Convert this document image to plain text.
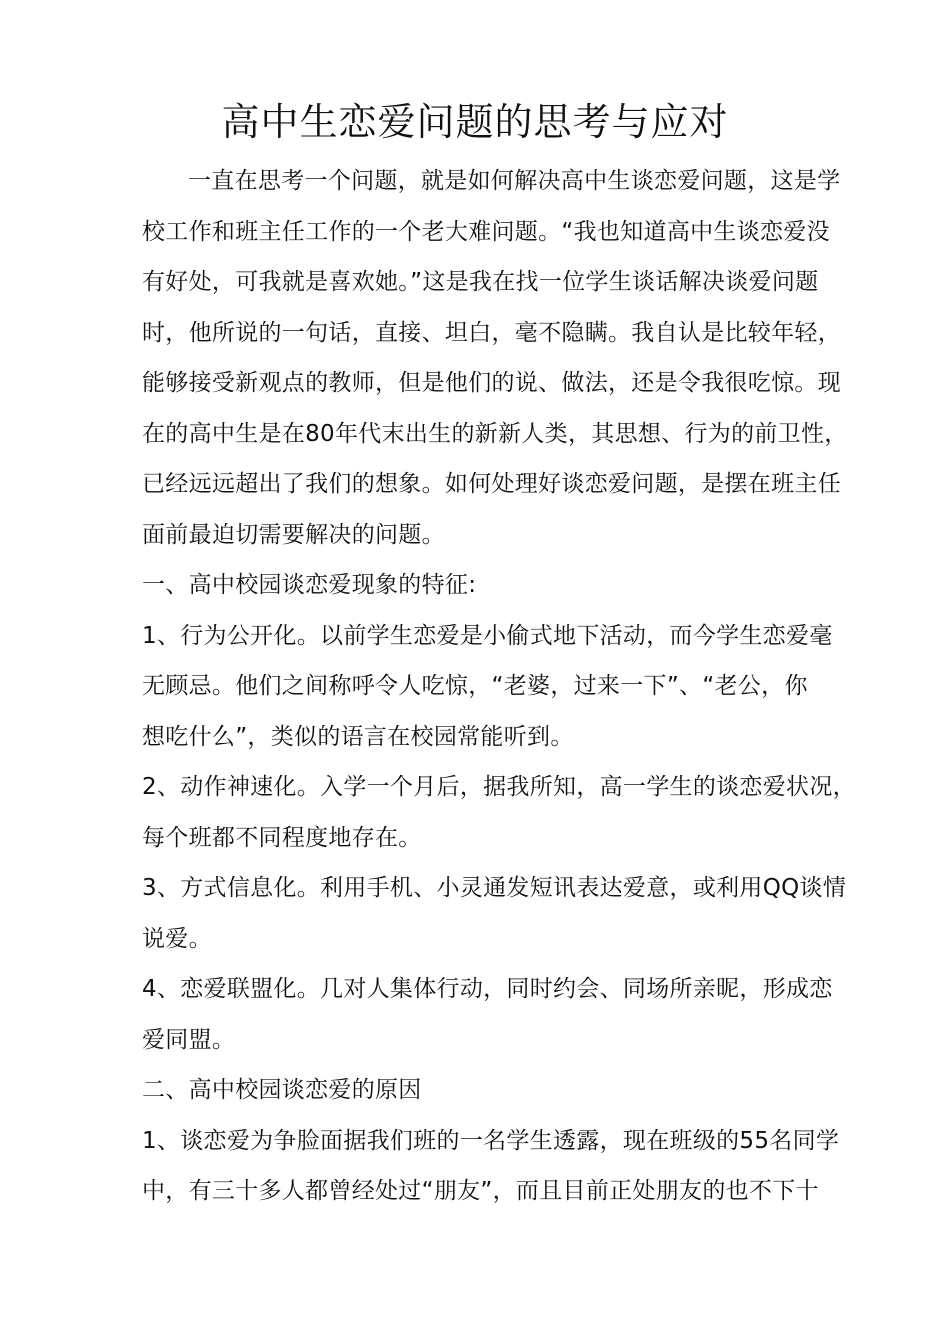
高中生恋爱问题的思考与应对
一直在思考一个问题，就是如何解决高中生谈恋爱问题，这是学
校工作和班主任工作的一个老大难问题。“我也知道高中生谈恋爱没
有好处，可我就是喜欢她。”这是我在找一位学生谈话解决谈爱问题
时，他所说的一句话，直接、坦白，毫不隐瞒。我自认是比较年轻，
能够接受新观点的教师，但是他们的说、做法，还是令我很吃惊。现
在的高中生是在80年代末出生的新新人类，其思想、行为的前卫性，
已经远远超出了我们的想象。如何处理好谈恋爱问题，是摆在班主任
面前最迫切需要解决的问题。
一、高中校园谈恋爱现象的特征:
1、行为公开化。以前学生恋爱是小偷式地下活动，而今学生恋爱毫
无顾忌。他们之间称呼令人吃惊，“老婆，过来一下”、“老公，你
想吃什么”，类似的语言在校园常能听到。
2、动作神速化。入学一个月后，据我所知，高一学生的谈恋爱状况，
每个班都不同程度地存在。
3、方式信息化。利用手机、小灵通发短讯表达爱意，或利用QQ谈情
说爱。
4、恋爱联盟化。几对人集体行动，同时约会、同场所亲昵，形成恋
爱同盟。
二、高中校园谈恋爱的原因
1、谈恋爱为争脸面据我们班的一名学生透露，现在班级的55名同学
中，有三十多人都曾经处过“朋友”，而且目前正处朋友的也不下十
